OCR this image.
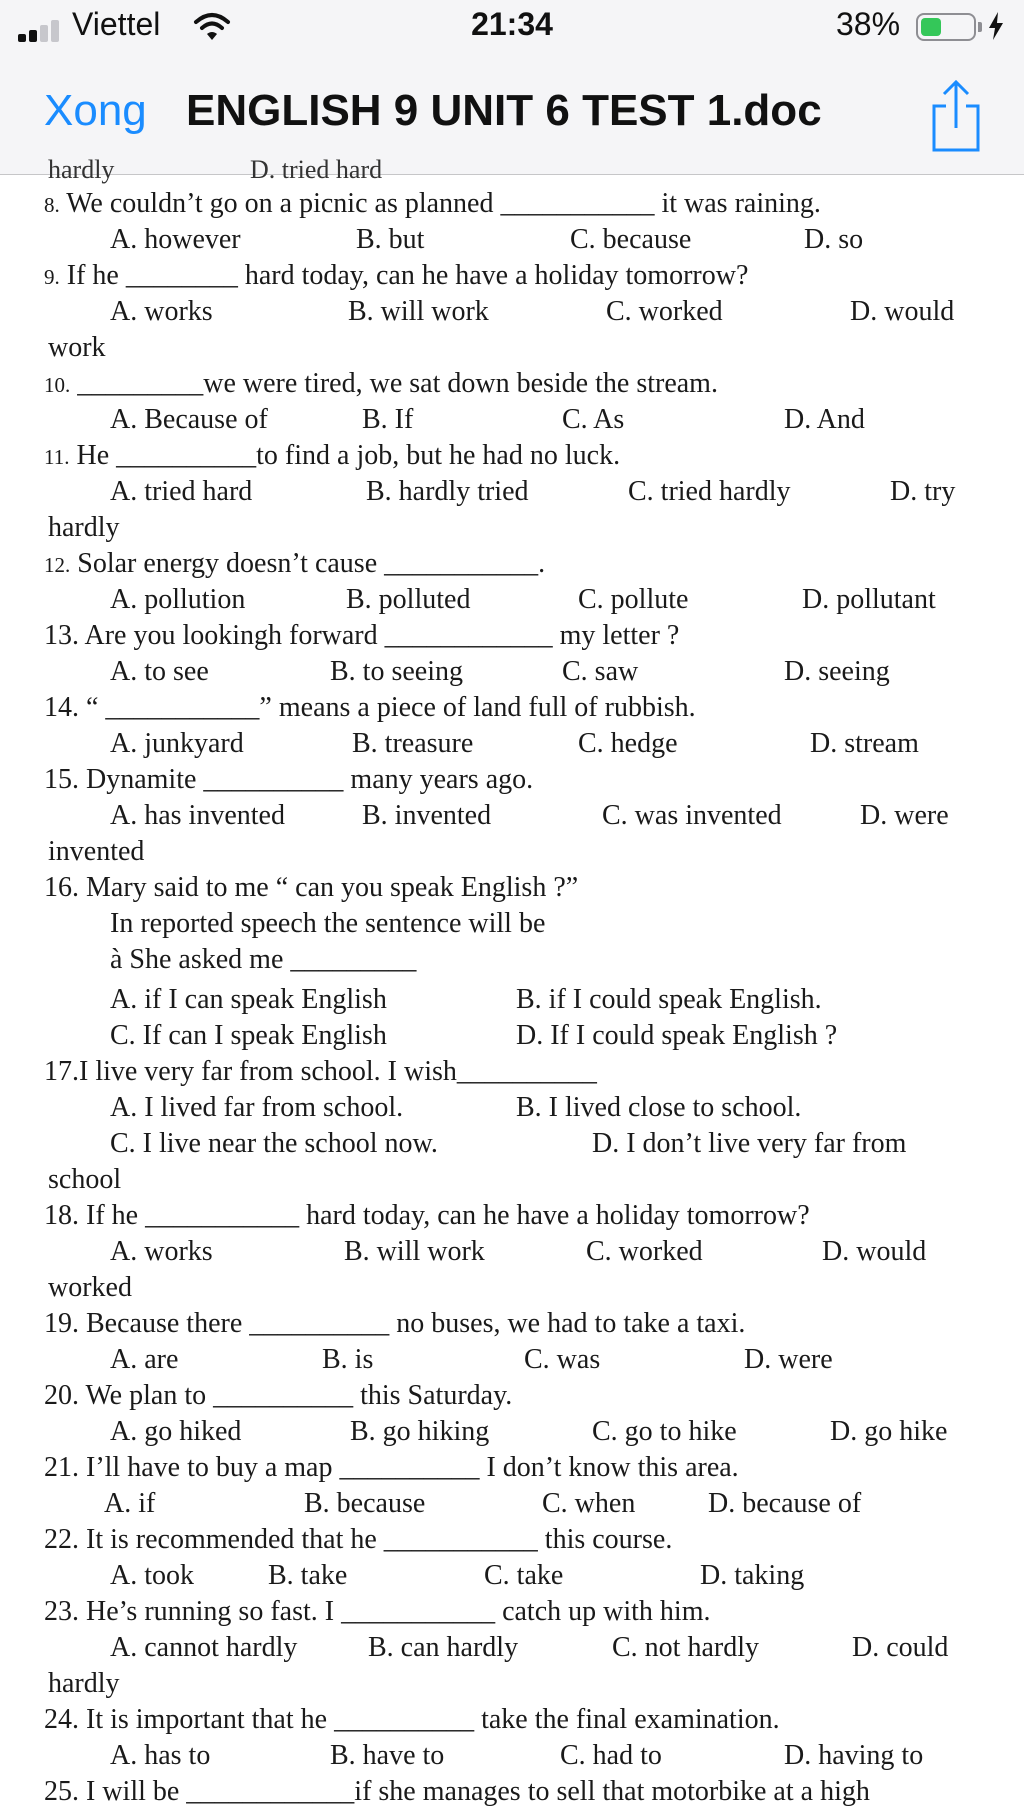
Viettel	21:34	38%
Xong ENGLISH 9 UNIT 6 TEST 1.doc
hardly	D. tried hard
8. We couldn’t go on a picnic as planned ___________ it was raining.
A. however	B. but	C. because	D. so
9. If he ________ hard today, can he have a holiday tomorrow?
A. works	B. will work	C. worked	D. would
work
10. _________we were tired, we sat down beside the stream.
A. Because of	B. If	C. As	D. And
11. He __________to find a job, but he had no luck.
A. tried hard	B. hardly tried	C. tried hardly	D. try
hardly
12. Solar energy doesn’t cause ___________.
A. pollution	B. polluted	C. pollute	D. pollutant
13. Are you lookingh forward ____________ my letter ?
A. to see	B. to seeing	C. saw	D. seeing
14. “ ___________” means a piece of land full of rubbish.
A. junkyard	B. treasure	C. hedge	D. stream
15. Dynamite __________ many years ago.
A. has invented	B. invented	C. was invented	D. were
invented
16. Mary said to me “ can you speak English ?”
In reported speech the sentence will be
à She asked me _________
A. if I can speak English	B. if I could speak English.
C. If can I speak English	D. If I could speak English ?
17.I live very far from school. I wish__________
A. I lived far from school.	B. I lived close to school.
C. I live near the school now.	D. I don’t live very far from
school
18. If he ___________ hard today, can he have a holiday tomorrow?
A. works	B. will work	C. worked	D. would
worked
19. Because there __________ no buses, we had to take a taxi.
A. are	B. is	C. was	D. were
20. We plan to __________ this Saturday.
A. go hiked	B. go hiking	C. go to hike	D. go hike
21. I’ll have to buy a map __________ I don’t know this area.
A. if	B. because	C. when	D. because of
22. It is recommended that he ___________ this course.
A. took	B. take	C. take	D. taking
23. He’s running so fast. I ___________ catch up with him.
A. cannot hardly	B. can hardly	C. not hardly	D. could
hardly
24. It is important that he __________ take the final examination.
A. has to	B. have to	C. had to	D. having to
25. I will be ____________if she manages to sell that motorbike at a high
